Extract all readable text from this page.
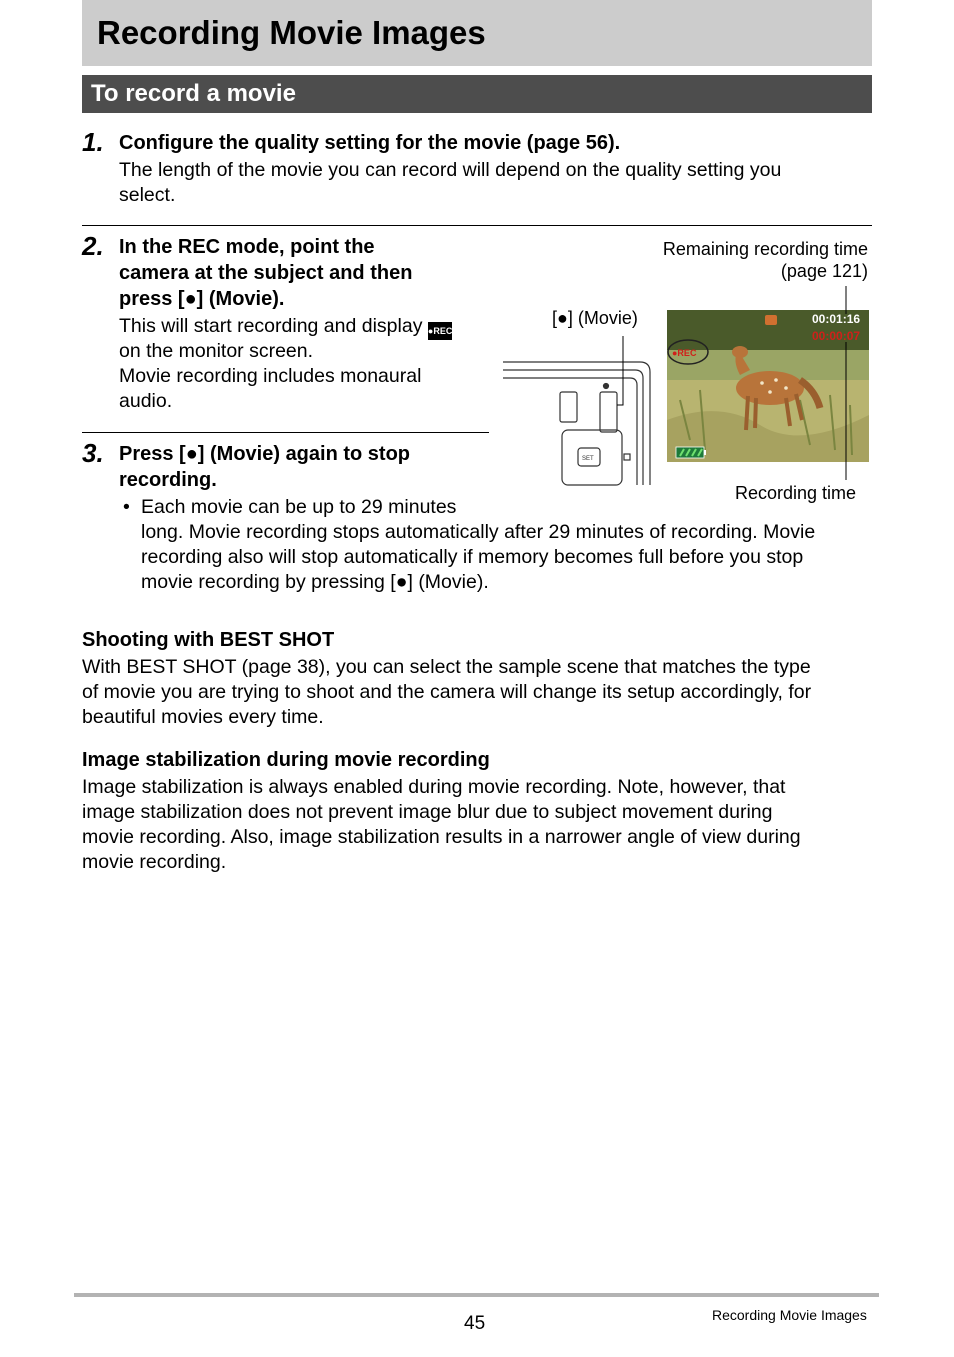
Recording Movie Images
To record a movie
1. Configure the quality setting for the movie (page 56).
The length of the movie you can record will depend on the quality setting you
select.
2. In the REC mode, point the
camera at the subject and then
press [●] (Movie).
This will start recording and display ●REC
on the monitor screen.
Movie recording includes monaural
audio.
3. Press [●] (Movie) again to stop
recording.
• Each movie can be up to 29 minutes
long. Movie recording stops automatically after 29 minutes of recording. Movie
recording also will stop automatically if memory becomes full before you stop
movie recording by pressing [●] (Movie).
Remaining recording time
(page 121)
[●] (Movie)
Recording time
SET
●REC
00:01:16
00:00:07
Shooting with BEST SHOT
With BEST SHOT (page 38), you can select the sample scene that matches the type
of movie you are trying to shoot and the camera will change its setup accordingly, for
beautiful movies every time.
Image stabilization during movie recording
Image stabilization is always enabled during movie recording. Note, however, that
image stabilization does not prevent image blur due to subject movement during
movie recording. Also, image stabilization results in a narrower angle of view during
movie recording.
45	Recording Movie Images
